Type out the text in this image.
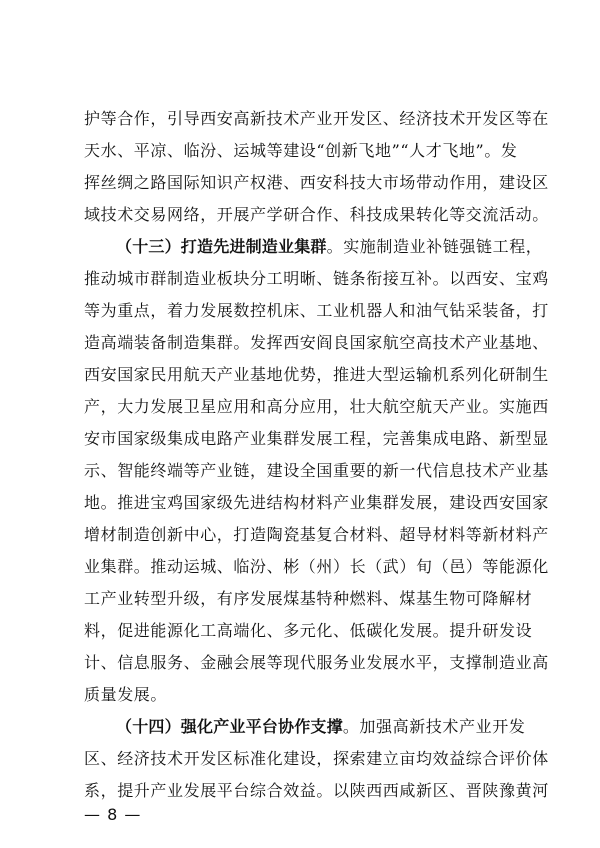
护等合作，引导西安高新技术产业开发区、经济技术开发区等在
天水、平凉、临汾、运城等建设“创新飞地”“人才飞地”。发
挥丝绸之路国际知识产权港、西安科技大市场带动作用，建设区
域技术交易网络，开展产学研合作、科技成果转化等交流活动。
（十三）打造先进制造业集群。实施制造业补链强链工程，
推动城市群制造业板块分工明晰、链条衔接互补。以西安、宝鸡
等为重点，着力发展数控机床、工业机器人和油气钻采装备，打
造高端装备制造集群。发挥西安阎良国家航空高技术产业基地、
西安国家民用航天产业基地优势，推进大型运输机系列化研制生
产，大力发展卫星应用和高分应用，壮大航空航天产业。实施西
安市国家级集成电路产业集群发展工程，完善集成电路、新型显
示、智能终端等产业链，建设全国重要的新一代信息技术产业基
地。推进宝鸡国家级先进结构材料产业集群发展，建设西安国家
增材制造创新中心，打造陶瓷基复合材料、超导材料等新材料产
业集群。推动运城、临汾、彬（州）长（武）旬（邑）等能源化
工产业转型升级，有序发展煤基特种燃料、煤基生物可降解材
料，促进能源化工高端化、多元化、低碳化发展。提升研发设
计、信息服务、金融会展等现代服务业发展水平，支撑制造业高
质量发展。
（十四）强化产业平台协作支撑。加强高新技术产业开发
区、经济技术开发区标准化建设，探索建立亩均效益综合评价体
系，提升产业发展平台综合效益。以陕西西咸新区、晋陕豫黄河
— 8 —
